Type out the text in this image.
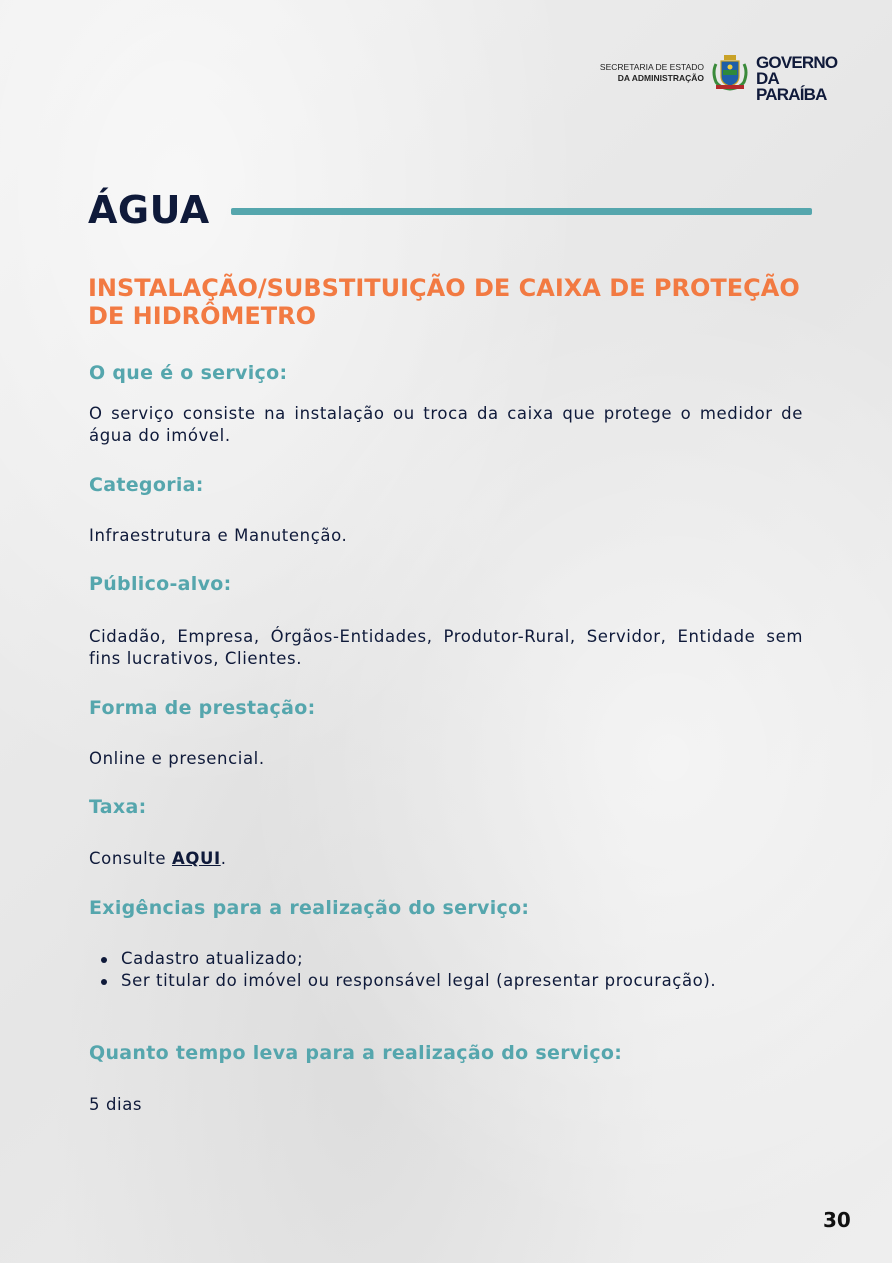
SECRETARIA DE ESTADO
DA ADMINISTRAÇÃO
GOVERNO
DA PARAÍBA
ÁGUA
INSTALAÇÃO/SUBSTITUIÇÃO DE CAIXA DE PROTEÇÃO DE HIDRÔMETRO
O que é o serviço:
O serviço consiste na instalação ou troca da caixa que protege o medidor de água do imóvel.
Categoria:
Infraestrutura e Manutenção.
Público-alvo:
Cidadão, Empresa, Órgãos-Entidades, Produtor-Rural, Servidor, Entidade sem fins lucrativos, Clientes.
Forma de prestação:
Online e presencial.
Taxa:
Consulte AQUI.
Exigências para a realização do serviço:
Cadastro atualizado;
Ser titular do imóvel ou responsável legal (apresentar procuração).
Quanto tempo leva para a realização do serviço:
5 dias
30
